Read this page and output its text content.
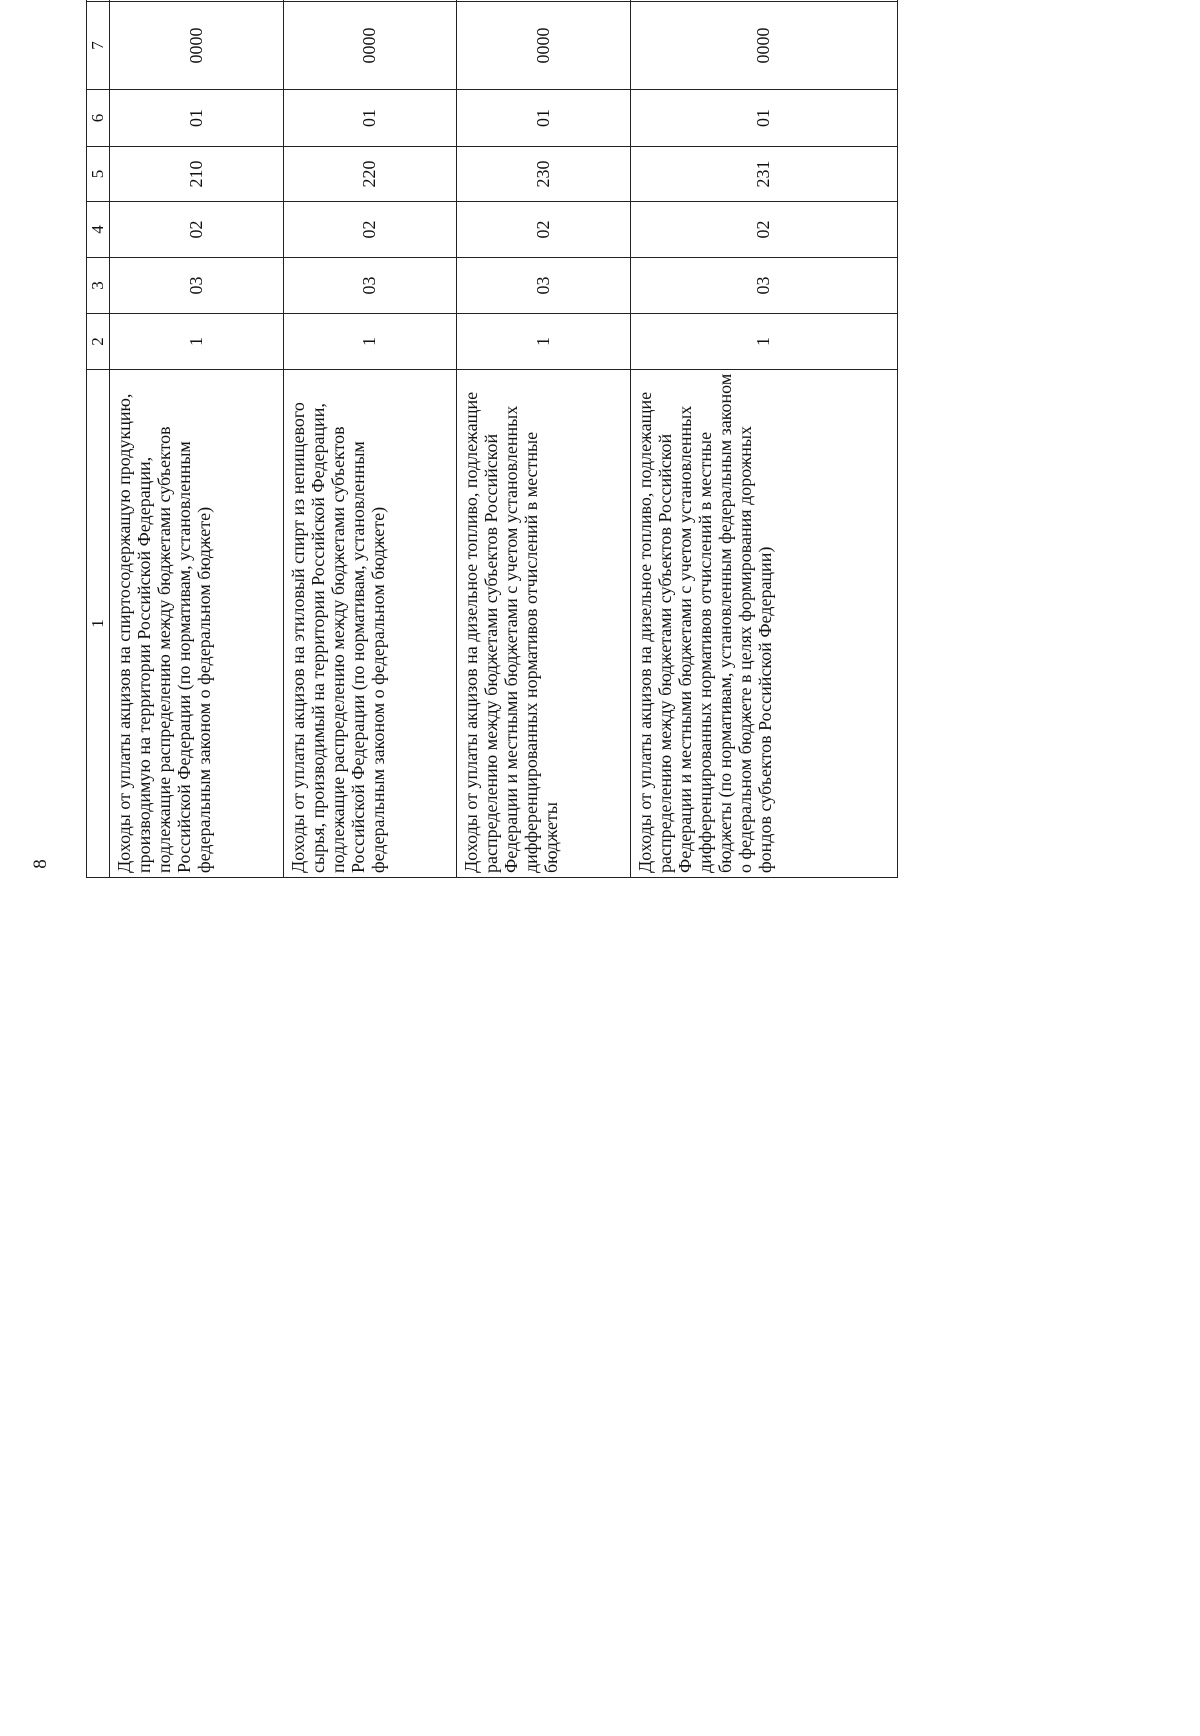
8
1	2	3	4	5	6	7				
Доходы от уплаты акцизов на спиртосодержащую продукцию, производимую на территории Российской Федерации, подлежащие распределению между бюджетами субъектов Российской Федерации (по нормативам, установленным федеральным законом о федеральном бюджете)	1	03	02	210	01	0000				
Доходы от уплаты акцизов на этиловый спирт из непищевого сырья, производимый на территории Российской Федерации, подлежащие распределению между бюджетами субъектов Российской Федерации (по нормативам, установленным федеральным законом о федеральном бюджете)	1	03	02	220	01	0000				
Доходы от уплаты акцизов на дизельное топливо, подлежащие распределению между бюджетами субъектов Российской Федерации и местными бюджетами с учетом установленных дифференцированных нормативов отчислений в местные бюджеты	1	03	02	230	01	0000				
Доходы от уплаты акцизов на дизельное топливо, подлежащие распределению между бюджетами субъектов Российской Федерации и местными бюджетами с учетом установленных дифференцированных нормативов отчислений в местные бюджеты (по нормативам, установленным федеральным законом о федеральном бюджете в целях формирования дорожных фондов субъектов Российской Федерации)	1	03	02	231	01	0000				
